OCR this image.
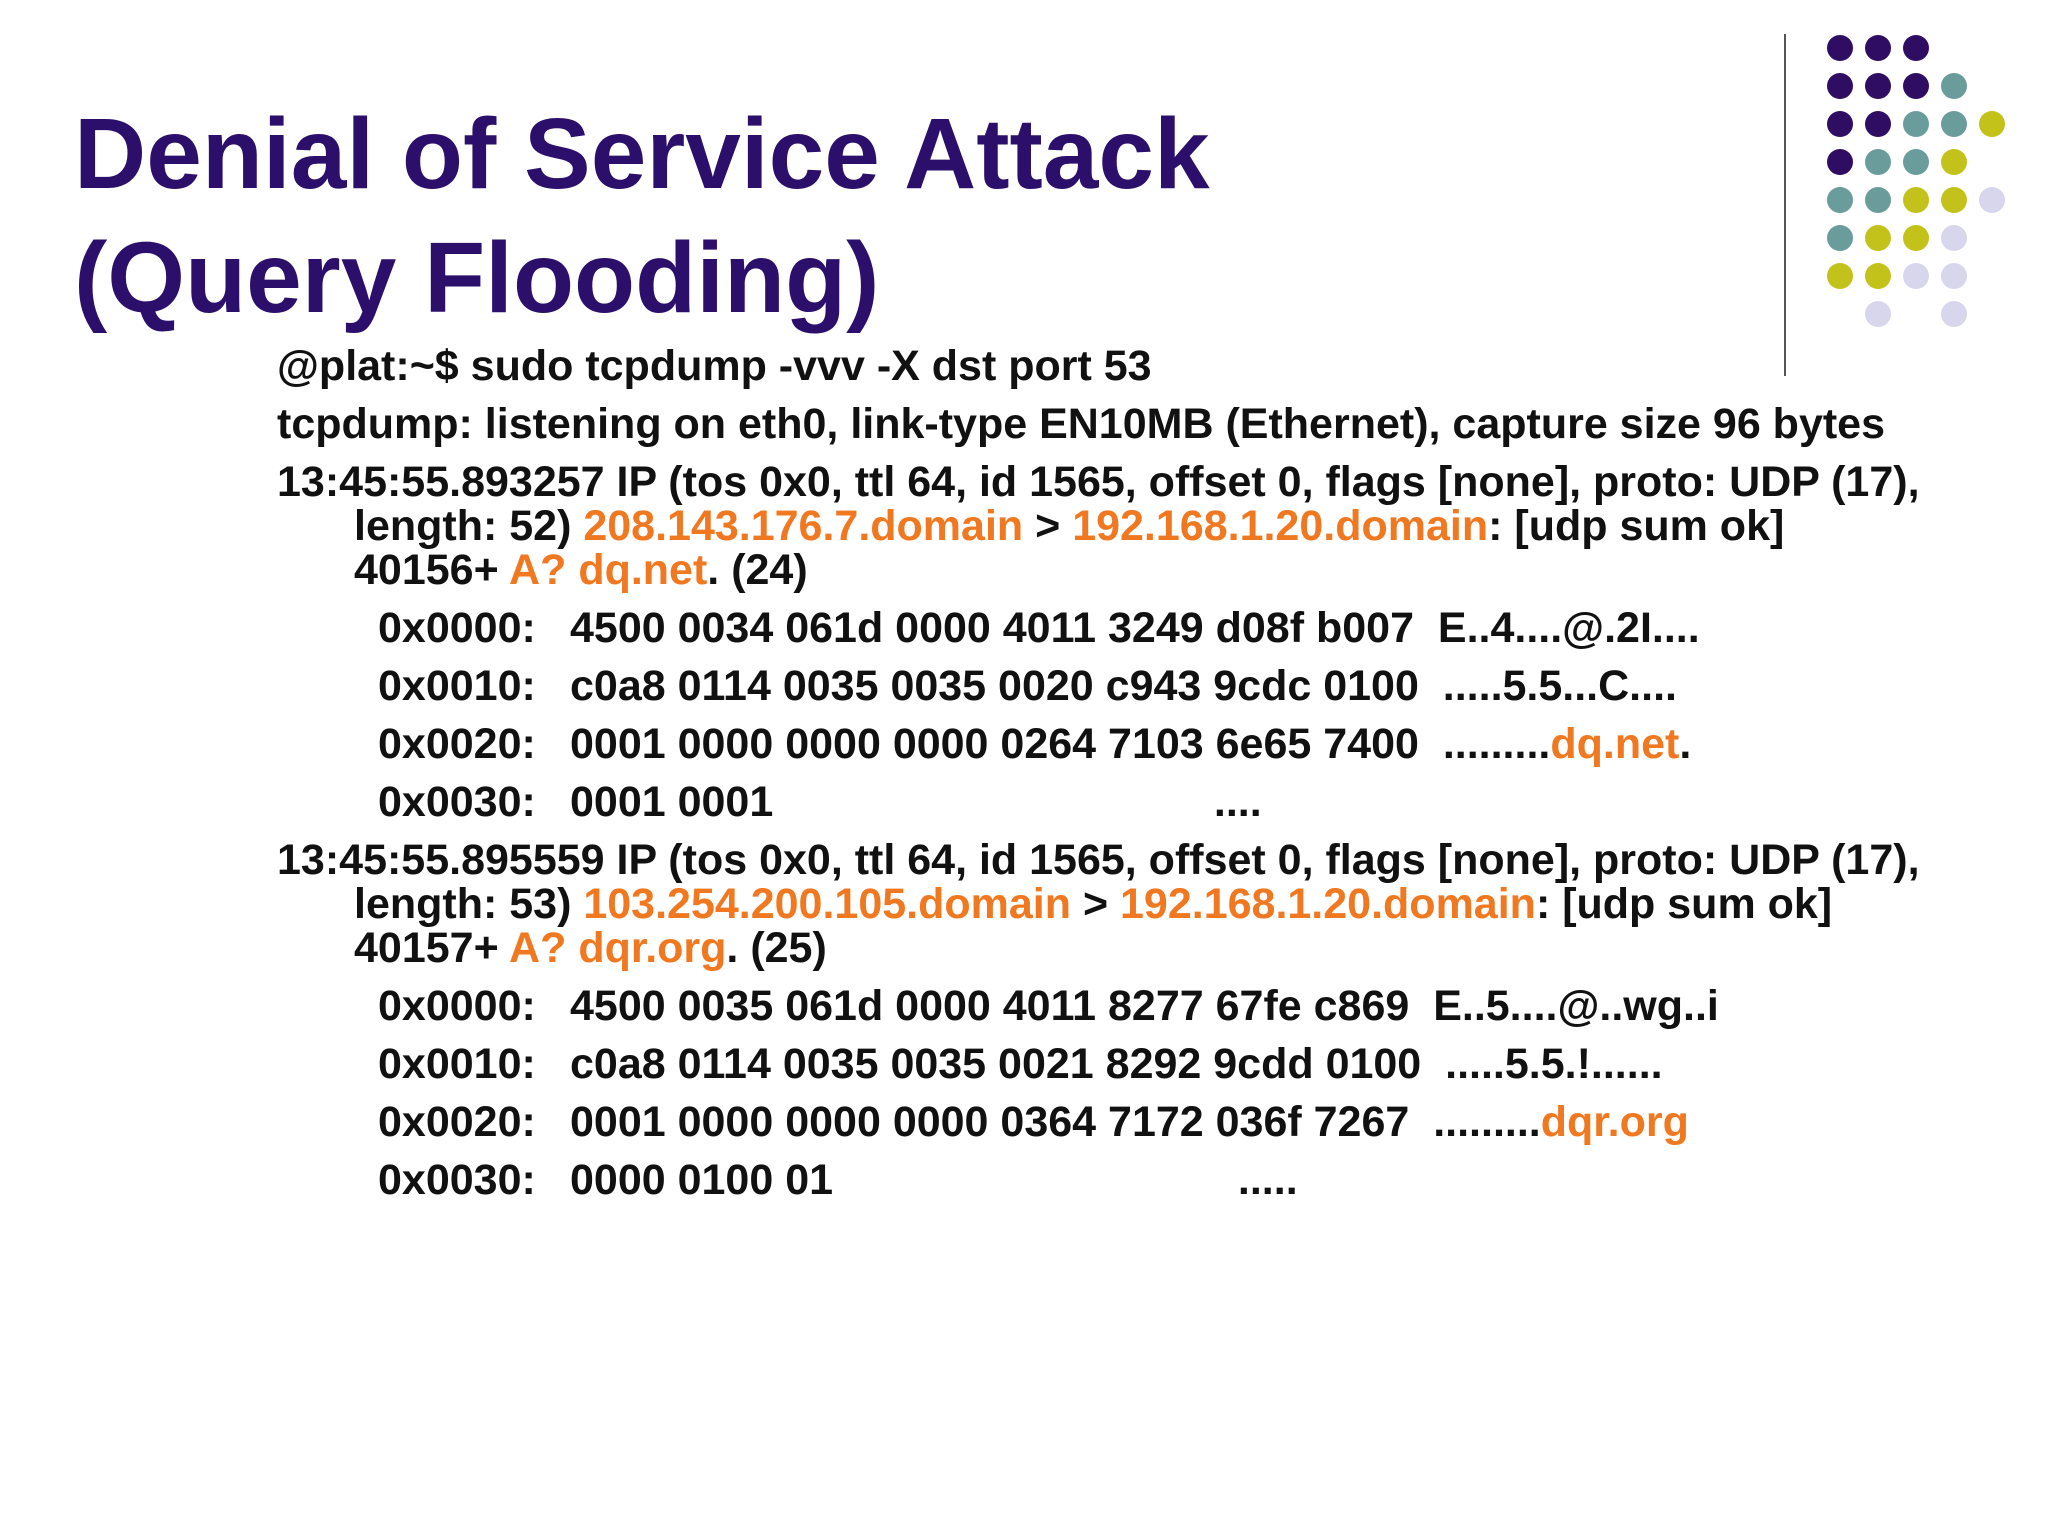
Denial of Service Attack
(Query Flooding)

@plat:~$ sudo tcpdump -vvv -X dst port 53

tcpdump: listening on eth0, link-type EN10MB (Ethernet), capture size 96 bytes

13:45:55.893257 IP (tos 0x0, ttl 64, id 1565, offset 0, flags [none], proto: UDP (17), length: 52) 208.143.176.7.domain > 192.168.1.20.domain: [udp sum ok] 40156+ A? dq.net. (24)

0x0000: 4500 0034 061d 0000 4011 3249 d08f b007 E..4....@.2I....
0x0010: c0a8 0114 0035 0035 0020 c943 9cdc 0100 .....5.5...C....
0x0020: 0001 0000 0000 0000 0264 7103 6e65 7400 .........dq.net.
0x0030: 0001 0001	....

13:45:55.895559 IP (tos 0x0, ttl 64, id 1565, offset 0, flags [none], proto: UDP (17), length: 53) 103.254.200.105.domain > 192.168.1.20.domain: [udp sum ok] 40157+ A? dqr.org. (25)

0x0000: 4500 0035 061d 0000 4011 8277 67fe c869 E..5....@..wg..i
0x0010: c0a8 0114 0035 0035 0021 8292 9cdd 0100 .....5.5.!......
0x0020: 0001 0000 0000 0000 0364 7172 036f 7267 .........dqr.org
0x0030: 0000 0100 01	.....
